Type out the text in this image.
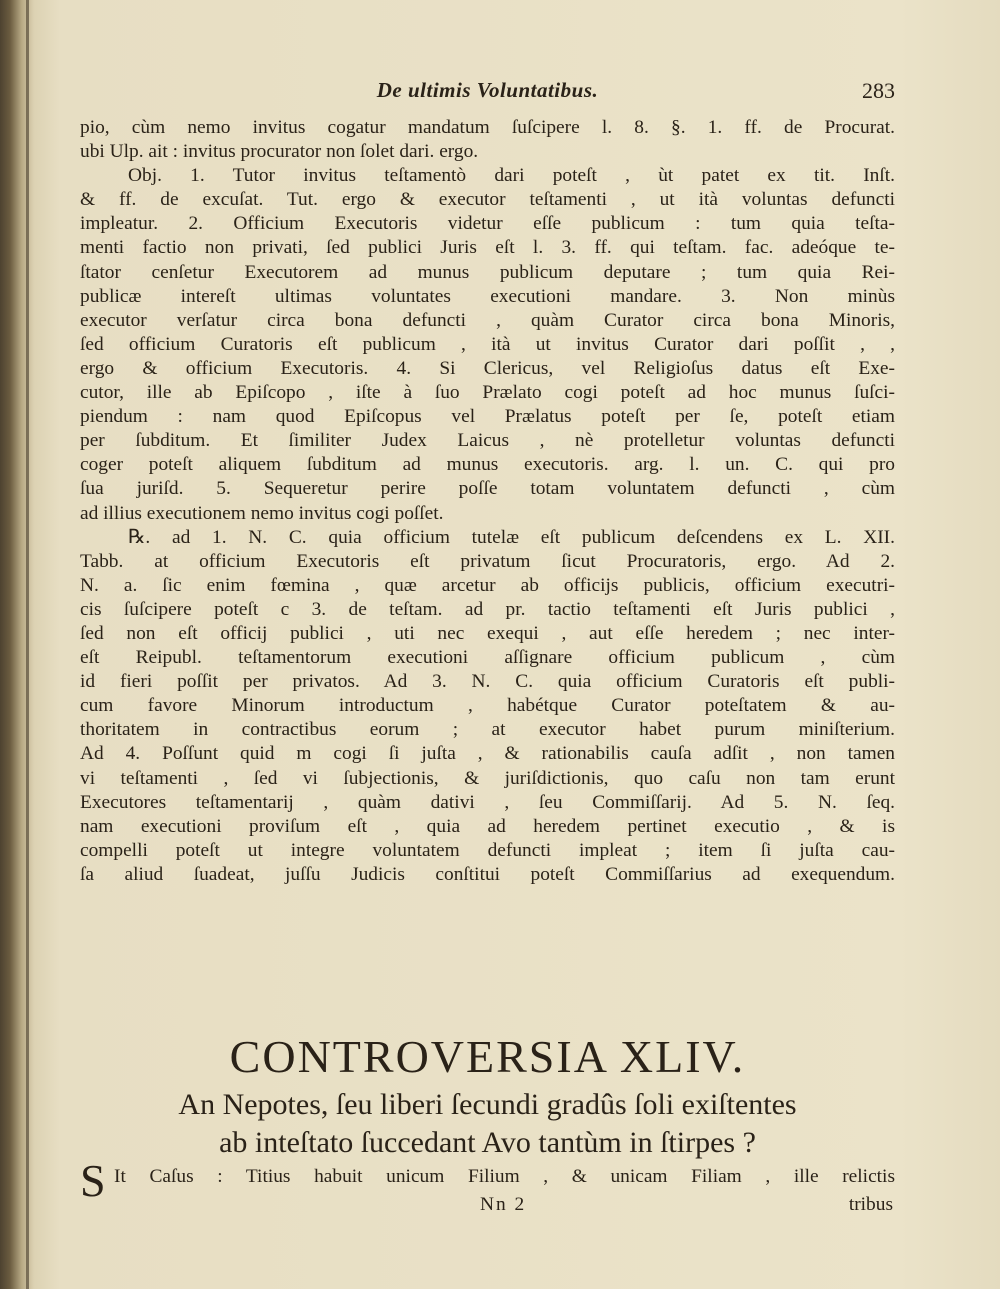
De ultimis Voluntatibus.	283
pio, cùm nemo invitus cogatur mandatum ſuſcipere l. 8. §. 1. ff. de Procurat.
ubi Ulp. ait : invitus procurator non ſolet dari. ergo.
Obj. 1. Tutor invitus teſtamentò dari poteſt , ùt patet ex tit. Inſt.
& ff. de excuſat. Tut. ergo & executor teſtamenti , ut ità voluntas defuncti
impleatur. 2. Officium Executoris videtur eſſe publicum : tum quia teſta-
menti factio non privati, ſed publici Juris eſt l. 3. ff. qui teſtam. fac. adeóque te-
ſtator cenſetur Executorem ad munus publicum deputare ; tum quia Rei-
publicæ intereſt ultimas voluntates executioni mandare. 3. Non minùs
executor verſatur circa bona defuncti , quàm Curator circa bona Minoris,
ſed officium Curatoris eſt publicum , ità ut invitus Curator dari poſſit , ,
ergo & officium Executoris. 4. Si Clericus, vel Religioſus datus eſt Exe-
cutor, ille ab Epiſcopo , iſte à ſuo Prælato cogi poteſt ad hoc munus ſuſci-
piendum : nam quod Epiſcopus vel Prælatus poteſt per ſe, poteſt etiam
per ſubditum. Et ſimiliter Judex Laicus , nè protelletur voluntas defuncti
coger poteſt aliquem ſubditum ad munus executoris. arg. l. un. C. qui pro
ſua juriſd. 5. Sequeretur perire poſſe totam voluntatem defuncti , cùm
ad illius executionem nemo invitus cogi poſſet.
℞. ad 1. N. C. quia officium tutelæ eſt publicum deſcendens ex L. XII.
Tabb. at officium Executoris eſt privatum ſicut Procuratoris, ergo. Ad 2.
N. a. ſic enim fœmina , quæ arcetur ab officijs publicis, officium executri-
cis ſuſcipere poteſt c 3. de teſtam. ad pr. tactio teſtamenti eſt Juris publici ,
ſed non eſt officij publici , uti nec exequi , aut eſſe heredem ; nec inter-
eſt Reipubl. teſtamentorum executioni aſſignare officium publicum , cùm
id fieri poſſit per privatos. Ad 3. N. C. quia officium Curatoris eſt publi-
cum favore Minorum introductum , habétque Curator poteſtatem & au-
thoritatem in contractibus eorum ; at executor habet purum miniſterium.
Ad 4. Poſſunt quid m cogi ſi juſta , & rationabilis cauſa adſit , non tamen
vi teſtamenti , ſed vi ſubjectionis, & juriſdictionis, quo caſu non tam erunt
Executores teſtamentarij , quàm dativi , ſeu Commiſſarij. Ad 5. N. ſeq.
nam executioni proviſum eſt , quia ad heredem pertinet executio , & is
compelli poteſt ut integre voluntatem defuncti impleat ; item ſi juſta cau-
ſa aliud ſuadeat, juſſu Judicis conſtitui poteſt Commiſſarius ad exequendum.
CONTROVERSIA XLIV.
An Nepotes, ſeu liberi ſecundi gradûs ſoli exiſtentes
ab inteſtato ſuccedant Avo tantùm in ſtirpes ?
S It Caſus : Titius habuit unicum Filium , & unicam Filiam , ille relictis
Nn 2	tribus
